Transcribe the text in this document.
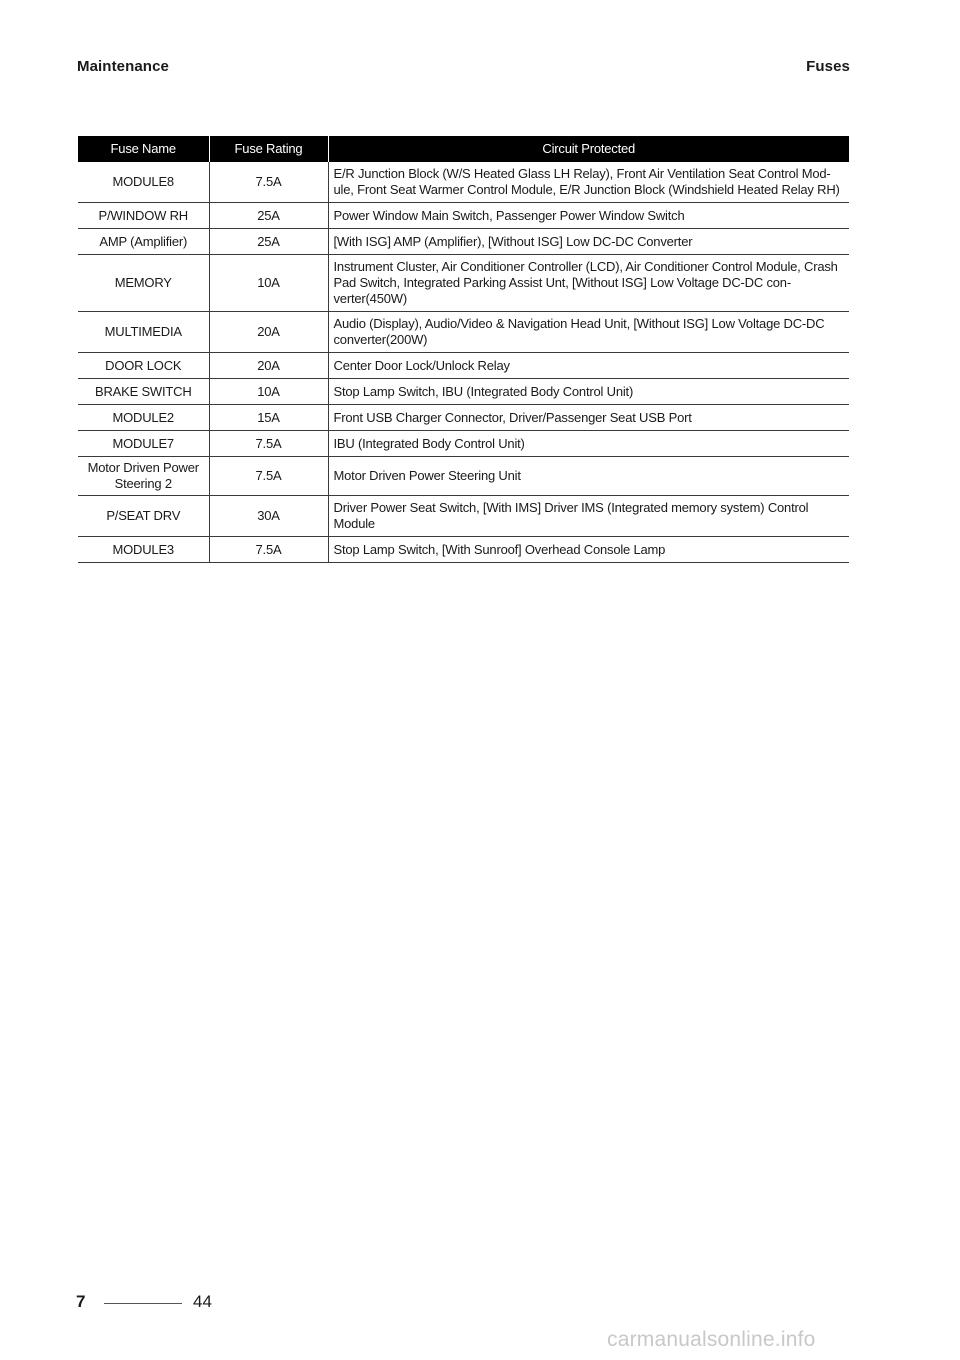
Maintenance	Fuses
Fuse Name	Fuse Rating	Circuit Protected
MODULE8	7.5A	E/R Junction Block (W/S Heated Glass LH Relay), Front Air Ventilation Seat Control Mod-ule, Front Seat Warmer Control Module, E/R Junction Block (Windshield Heated Relay RH)
P/WINDOW RH	25A	Power Window Main Switch, Passenger Power Window Switch
AMP (Amplifier)	25A	[With ISG] AMP (Amplifier), [Without ISG] Low DC-DC Converter
MEMORY	10A	Instrument Cluster, Air Conditioner Controller (LCD), Air Conditioner Control Module, Crash Pad Switch, Integrated Parking Assist Unt, [Without ISG] Low Voltage DC-DC con-verter(450W)
MULTIMEDIA	20A	Audio (Display), Audio/Video & Navigation Head Unit, [Without ISG] Low Voltage DC-DC converter(200W)
DOOR LOCK	20A	Center Door Lock/Unlock Relay
BRAKE SWITCH	10A	Stop Lamp Switch, IBU (Integrated Body Control Unit)
MODULE2	15A	Front USB Charger Connector, Driver/Passenger Seat USB Port
MODULE7	7.5A	IBU (Integrated Body Control Unit)
Motor Driven Power Steering 2	7.5A	Motor Driven Power Steering Unit
P/SEAT DRV	30A	Driver Power Seat Switch, [With IMS] Driver IMS (Integrated memory system) Control Module
MODULE3	7.5A	Stop Lamp Switch, [With Sunroof] Overhead Console Lamp
7	44
carmanualsonline.info
